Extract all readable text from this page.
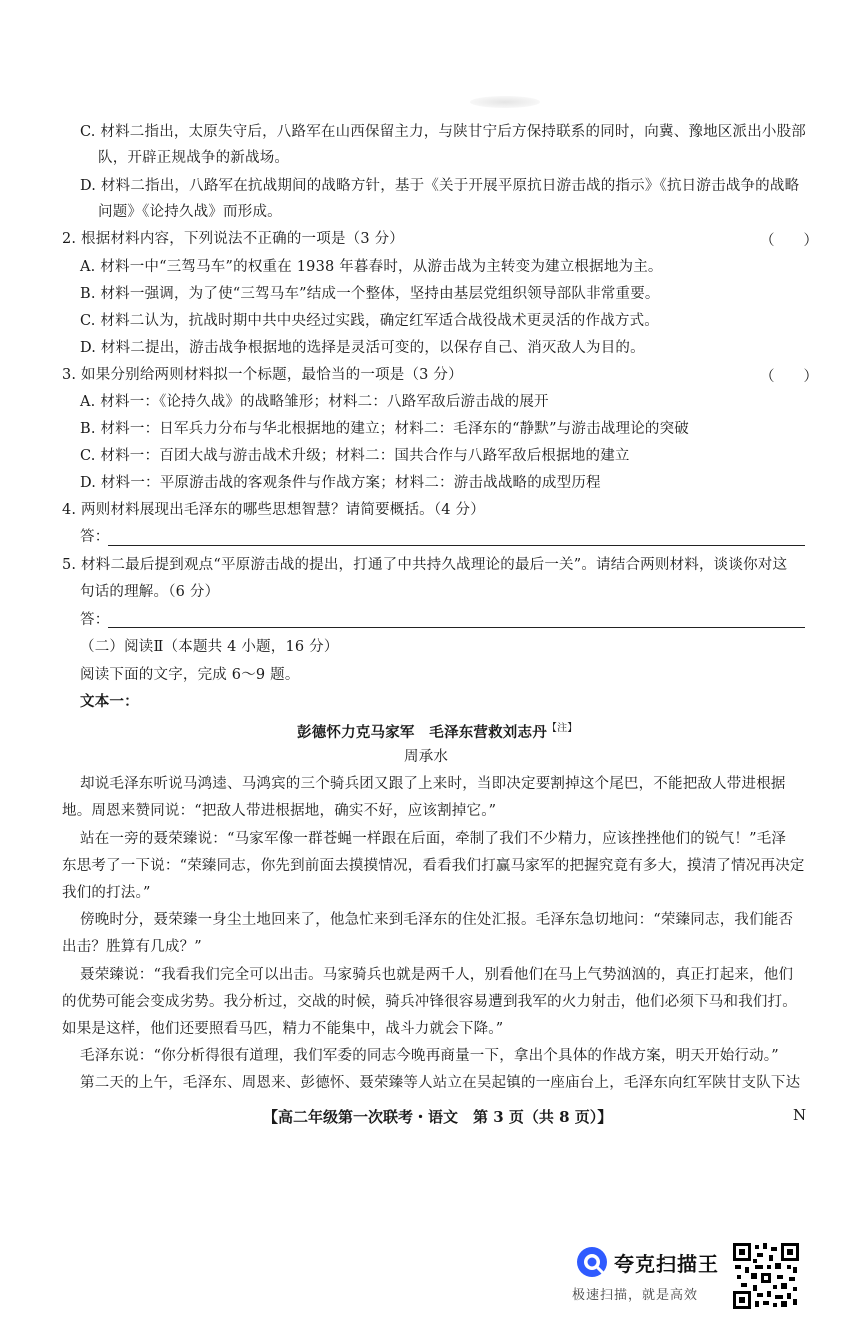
C. 材料二指出，太原失守后，八路军在山西保留主力，与陕甘宁后方保持联系的同时，向冀、豫地区派出小股部
队，开辟正规战争的新战场。
D. 材料二指出，八路军在抗战期间的战略方针，基于《关于开展平原抗日游击战的指示》《抗日游击战争的战略
问题》《论持久战》而形成。
2. 根据材料内容，下列说法不正确的一项是（3 分）	（　　）
A. 材料一中“三驾马车”的权重在 1938 年暮春时，从游击战为主转变为建立根据地为主。
B. 材料一强调，为了使“三驾马车”结成一个整体，坚持由基层党组织领导部队非常重要。
C. 材料二认为，抗战时期中共中央经过实践，确定红军适合战役战术更灵活的作战方式。
D. 材料二提出，游击战争根据地的选择是灵活可变的，以保存自己、消灭敌人为目的。
3. 如果分别给两则材料拟一个标题，最恰当的一项是（3 分）	（　　）
A. 材料一：《论持久战》的战略雏形；材料二：八路军敌后游击战的展开
B. 材料一：日军兵力分布与华北根据地的建立；材料二：毛泽东的“静默”与游击战理论的突破
C. 材料一：百团大战与游击战术升级；材料二：国共合作与八路军敌后根据地的建立
D. 材料一：平原游击战的客观条件与作战方案；材料二：游击战战略的成型历程
4. 两则材料展现出毛泽东的哪些思想智慧？请简要概括。（4 分）
答：
5. 材料二最后提到观点“平原游击战的提出，打通了中共持久战理论的最后一关”。请结合两则材料，谈谈你对这
句话的理解。（6 分）
答：
（二）阅读Ⅱ（本题共 4 小题，16 分）
阅读下面的文字，完成 6～9 题。
文本一：
彭德怀力克马家军　毛泽东营救刘志丹$^{【注】}$
周承水
却说毛泽东听说马鸿逵、马鸿宾的三个骑兵团又跟了上来时，当即决定要割掉这个尾巴，不能把敌人带进根据
地。周恩来赞同说：“把敌人带进根据地，确实不好，应该割掉它。”
站在一旁的聂荣臻说：“马家军像一群苍蝇一样跟在后面，牵制了我们不少精力，应该挫挫他们的锐气！”毛泽
东思考了一下说：“荣臻同志，你先到前面去摸摸情况，看看我们打赢马家军的把握究竟有多大，摸清了情况再决定
我们的打法。”
傍晚时分，聂荣臻一身尘土地回来了，他急忙来到毛泽东的住处汇报。毛泽东急切地问：“荣臻同志，我们能否
出击？胜算有几成？”
聂荣臻说：“我看我们完全可以出击。马家骑兵也就是两千人，别看他们在马上气势汹汹的，真正打起来，他们
的优势可能会变成劣势。我分析过，交战的时候，骑兵冲锋很容易遭到我军的火力射击，他们必须下马和我们打。
如果是这样，他们还要照看马匹，精力不能集中，战斗力就会下降。”
毛泽东说：“你分析得很有道理，我们军委的同志今晚再商量一下，拿出个具体的作战方案，明天开始行动。”
第二天的上午，毛泽东、周恩来、彭德怀、聂荣臻等人站立在吴起镇的一座庙台上，毛泽东向红军陕甘支队下达
【高二年级第一次联考・语文　第 3 页（共 8 页）】	N
夸克扫描王
极速扫描，就是高效
